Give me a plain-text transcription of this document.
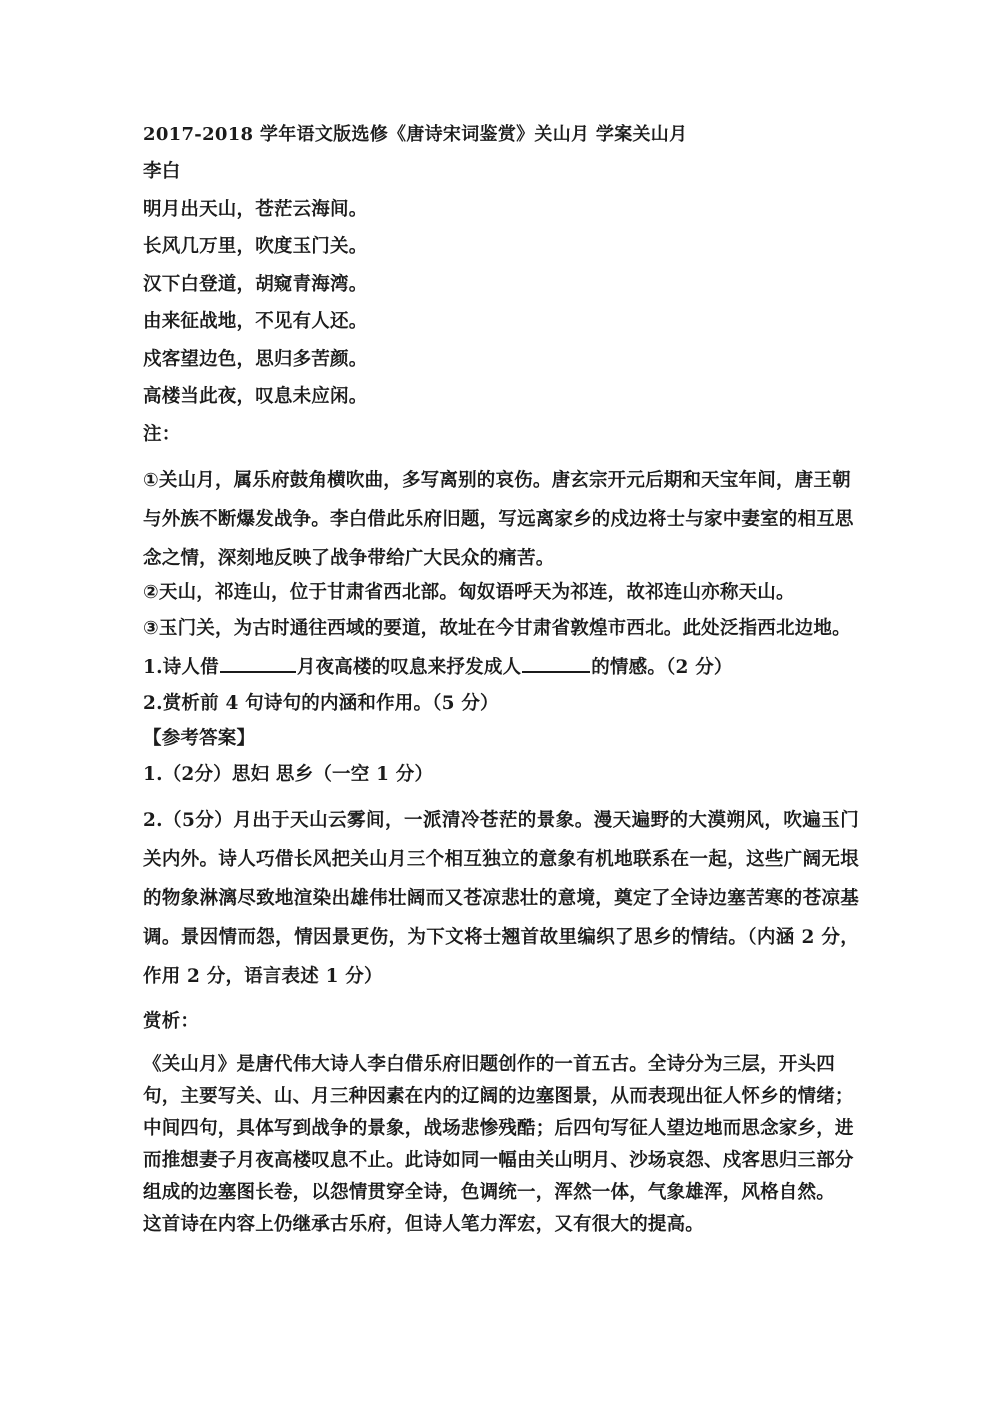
2017-2018 学年语文版选修《唐诗宋词鉴赏》关山月 学案关山月
李白
明月出天山，苍茫云海间。
长风几万里，吹度玉门关。
汉下白登道，胡窥青海湾。
由来征战地，不见有人还。
戍客望边色，思归多苦颜。
高楼当此夜，叹息未应闲。
注：
①关山月，属乐府鼓角横吹曲，多写离别的哀伤。唐玄宗开元后期和天宝年间，唐王朝与外族不断爆发战争。李白借此乐府旧题，写远离家乡的戍边将士与家中妻室的相互思念之情，深刻地反映了战争带给广大民众的痛苦。
②天山，祁连山，位于甘肃省西北部。匈奴语呼天为祁连，故祁连山亦称天山。
③玉门关，为古时通往西域的要道，故址在今甘肃省敦煌市西北。此处泛指西北边地。
1.诗人借	月夜高楼的叹息来抒发成人	的情感。（2 分）
2.赏析前 4 句诗句的内涵和作用。（5 分）
【参考答案】
1.（2分）思妇 思乡（一空 1 分）
2.（5分）月出于天山云雾间，一派清冷苍茫的景象。漫天遍野的大漠朔风，吹遍玉门关内外。诗人巧借长风把关山月三个相互独立的意象有机地联系在一起，这些广阔无垠的物象淋漓尽致地渲染出雄伟壮阔而又苍凉悲壮的意境，奠定了全诗边塞苦寒的苍凉基调。景因情而怨，情因景更伤，为下文将士翘首故里编织了思乡的情结。（内涵 2 分，作用 2 分，语言表述 1 分）
赏析：
《关山月》是唐代伟大诗人李白借乐府旧题创作的一首五古。全诗分为三层，开头四句，主要写关、山、月三种因素在内的辽阔的边塞图景，从而表现出征人怀乡的情绪；中间四句，具体写到战争的景象，战场悲惨残酷；后四句写征人望边地而思念家乡，进而推想妻子月夜高楼叹息不止。此诗如同一幅由关山明月、沙场哀怨、戍客思归三部分组成的边塞图长卷，以怨情贯穿全诗，色调统一，浑然一体，气象雄浑，风格自然。
这首诗在内容上仍继承古乐府，但诗人笔力浑宏，又有很大的提高。
